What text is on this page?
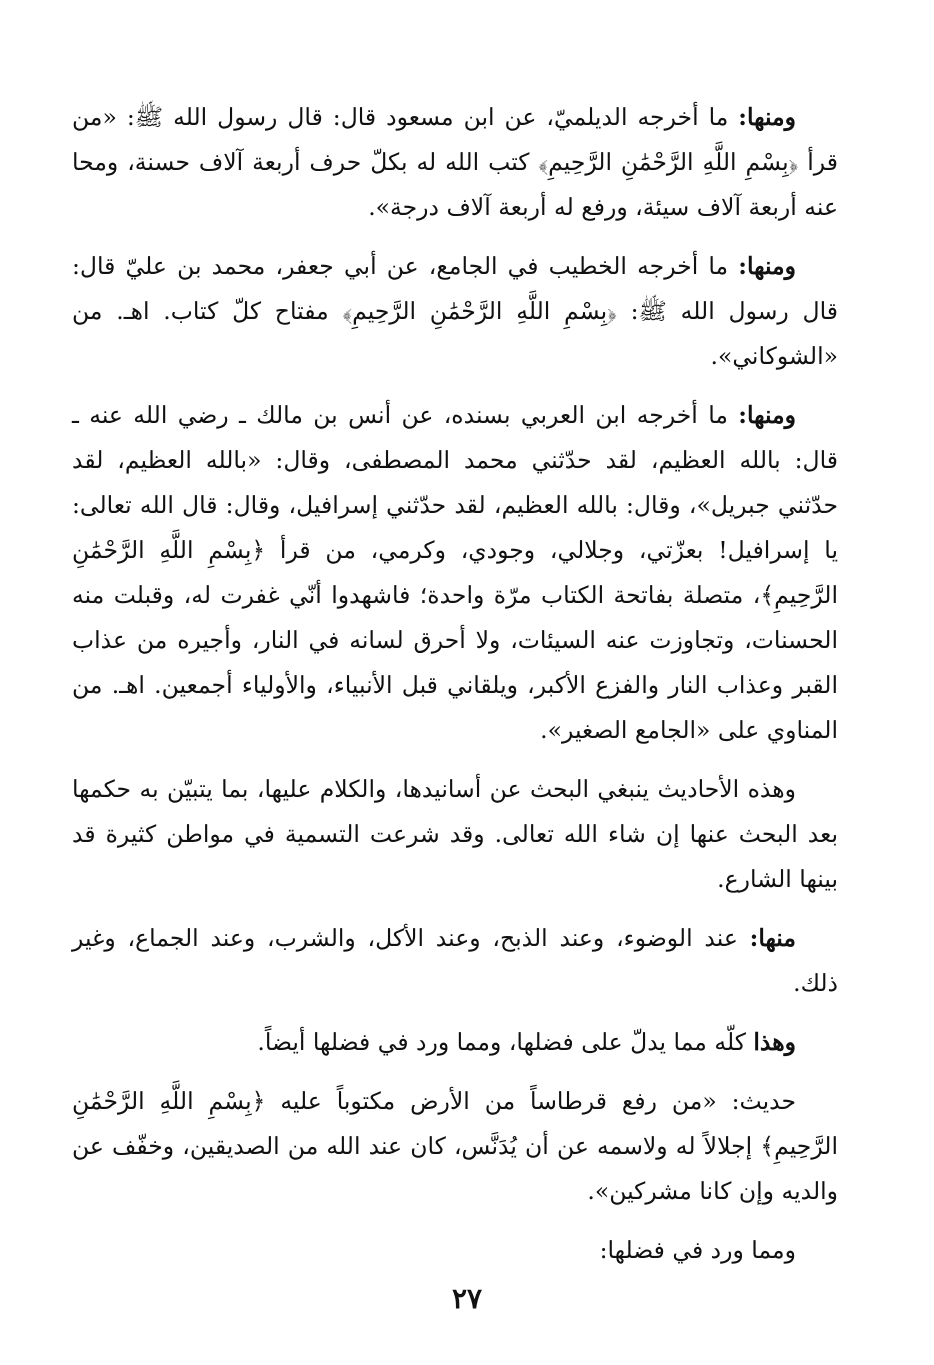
ومنها: ما أخرجه الديلميّ، عن ابن مسعود قال: قال رسول الله ﷺ: «من قرأ ﴿بِسْمِ اللَّهِ الرَّحْمَٰنِ الرَّحِيمِ﴾ كتب الله له بكلّ حرف أربعة آلاف حسنة، ومحا عنه أربعة آلاف سيئة، ورفع له أربعة آلاف درجة».

ومنها: ما أخرجه الخطيب في الجامع، عن أبي جعفر، محمد بن عليّ قال: قال رسول الله ﷺ: ﴿بِسْمِ اللَّهِ الرَّحْمَٰنِ الرَّحِيمِ﴾ مفتاح كلّ كتاب. اهـ. من «الشوكاني».

ومنها: ما أخرجه ابن العربي بسنده، عن أنس بن مالك ـ رضي الله عنه ـ قال: بالله العظيم، لقد حدّثني محمد المصطفى، وقال: «بالله العظيم، لقد حدّثني جبريل»، وقال: بالله العظيم، لقد حدّثني إسرافيل، وقال: قال الله تعالى: يا إسرافيل! بعزّتي، وجلالي، وجودي، وكرمي، من قرأ ﴿بِسْمِ اللَّهِ الرَّحْمَٰنِ الرَّحِيمِ﴾، متصلة بفاتحة الكتاب مرّة واحدة؛ فاشهدوا أنّي غفرت له، وقبلت منه الحسنات، وتجاوزت عنه السيئات، ولا أحرق لسانه في النار، وأجيره من عذاب القبر وعذاب النار والفزع الأكبر، ويلقاني قبل الأنبياء، والأولياء أجمعين. اهـ. من المناوي على «الجامع الصغير».

وهذه الأحاديث ينبغي البحث عن أسانيدها، والكلام عليها، بما يتبيّن به حكمها بعد البحث عنها إن شاء الله تعالى. وقد شرعت التسمية في مواطن كثيرة قد بينها الشارع.

منها: عند الوضوء، وعند الذبح، وعند الأكل، والشرب، وعند الجماع، وغير ذلك.

وهذا كلّه مما يدلّ على فضلها، ومما ورد في فضلها أيضاً.

حديث: «من رفع قرطاساً من الأرض مكتوباً عليه ﴿بِسْمِ اللَّهِ الرَّحْمَٰنِ الرَّحِيمِ﴾ إجلالاً له ولاسمه عن أن يُدَنَّس، كان عند الله من الصديقين، وخفّف عن والديه وإن كانا مشركين».

ومما ورد في فضلها:

٢٧
